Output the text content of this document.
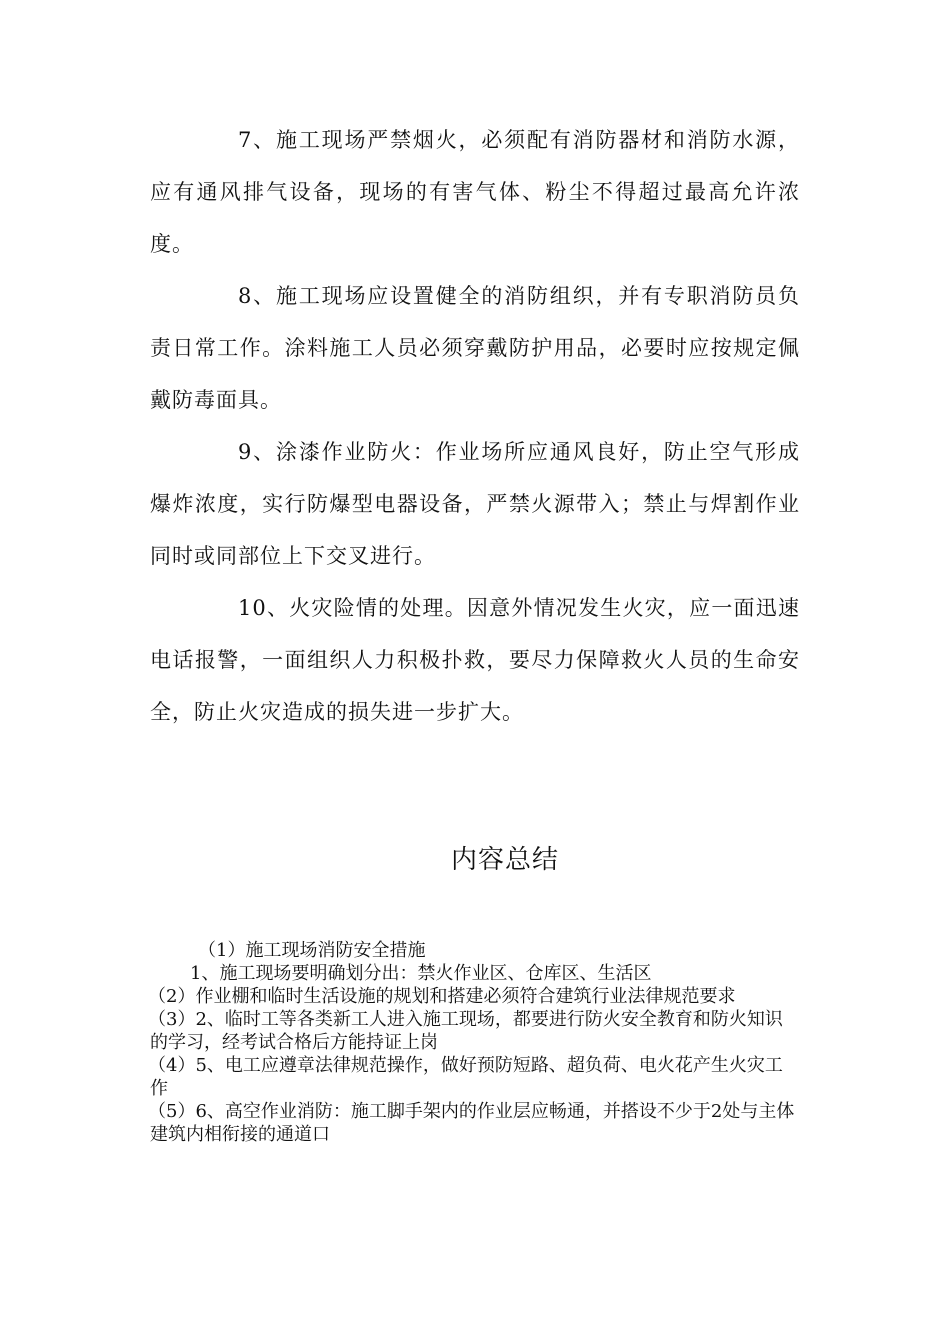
7、施工现场严禁烟火，必须配有消防器材和消防水源，应有通风排气设备，现场的有害气体、粉尘不得超过最高允许浓度。

8、施工现场应设置健全的消防组织，并有专职消防员负责日常工作。涂料施工人员必须穿戴防护用品，必要时应按规定佩戴防毒面具。

9、涂漆作业防火：作业场所应通风良好，防止空气形成爆炸浓度，实行防爆型电器设备，严禁火源带入；禁止与焊割作业同时或同部位上下交叉进行。

10、火灾险情的处理。因意外情况发生火灾，应一面迅速电话报警，一面组织人力积极扑救，要尽力保障救火人员的生命安全，防止火灾造成的损失进一步扩大。

内容总结

（1）施工现场消防安全措施

1、施工现场要明确划分出：禁火作业区、仓库区、生活区

（2）作业棚和临时生活设施的规划和搭建必须符合建筑行业法律规范要求

（3）2、临时工等各类新工人进入施工现场，都要进行防火安全教育和防火知识的学习，经考试合格后方能持证上岗

（4）5、电工应遵章法律规范操作，做好预防短路、超负荷、电火花产生火灾工作

（5）6、高空作业消防：施工脚手架内的作业层应畅通，并搭设不少于2处与主体建筑内相衔接的通道口
